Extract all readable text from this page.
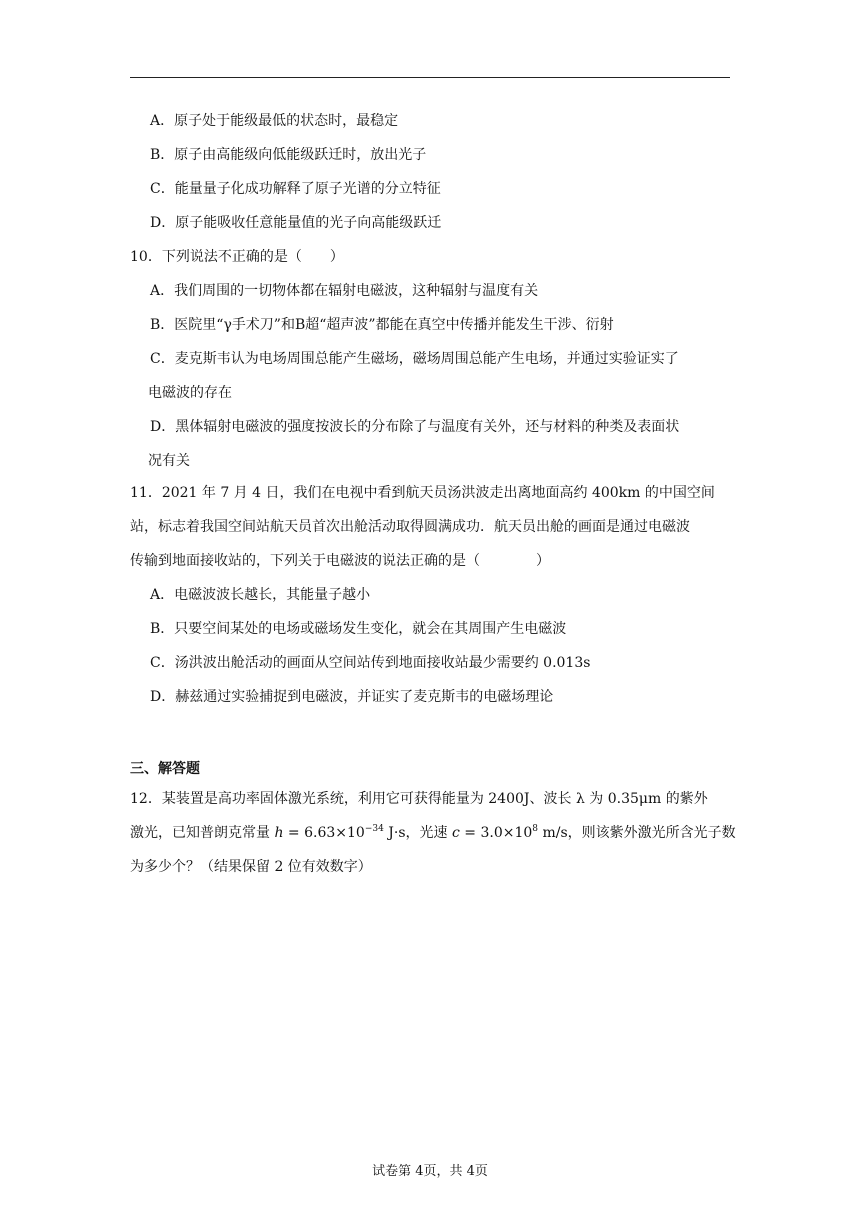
A．原子处于能级最低的状态时，最稳定
B．原子由高能级向低能级跃迁时，放出光子
C．能量量子化成功解释了原子光谱的分立特征
D．原子能吸收任意能量值的光子向高能级跃迁
10．下列说法不正确的是（　　）
A．我们周围的一切物体都在辐射电磁波，这种辐射与温度有关
B．医院里“γ手术刀”和B超“超声波”都能在真空中传播并能发生干涉、衍射
C．麦克斯韦认为电场周围总能产生磁场，磁场周围总能产生电场，并通过实验证实了
电磁波的存在
D．黑体辐射电磁波的强度按波长的分布除了与温度有关外，还与材料的种类及表面状
况有关
11．2021 年 7 月 4 日，我们在电视中看到航天员汤洪波走出离地面高约 400km 的中国空间
站，标志着我国空间站航天员首次出舱活动取得圆满成功．航天员出舱的画面是通过电磁波
传输到地面接收站的，下列关于电磁波的说法正确的是（　　　　）
A．电磁波波长越长，其能量子越小
B．只要空间某处的电场或磁场发生变化，就会在其周围产生电磁波
C．汤洪波出舱活动的画面从空间站传到地面接收站最少需要约 0.013s
D．赫兹通过实验捕捉到电磁波，并证实了麦克斯韦的电磁场理论
三、解答题
12．某装置是高功率固体激光系统，利用它可获得能量为 2400J、波长 λ 为 0.35μm 的紫外
激光，已知普朗克常量 $h = 6.63\times 10^{-34}$ J·s，光速 $c = 3.0\times 10^8$ m/s，则该紫外激光所含光子数
为多少个？（结果保留 2 位有效数字）
试卷第 4页，共 4页
